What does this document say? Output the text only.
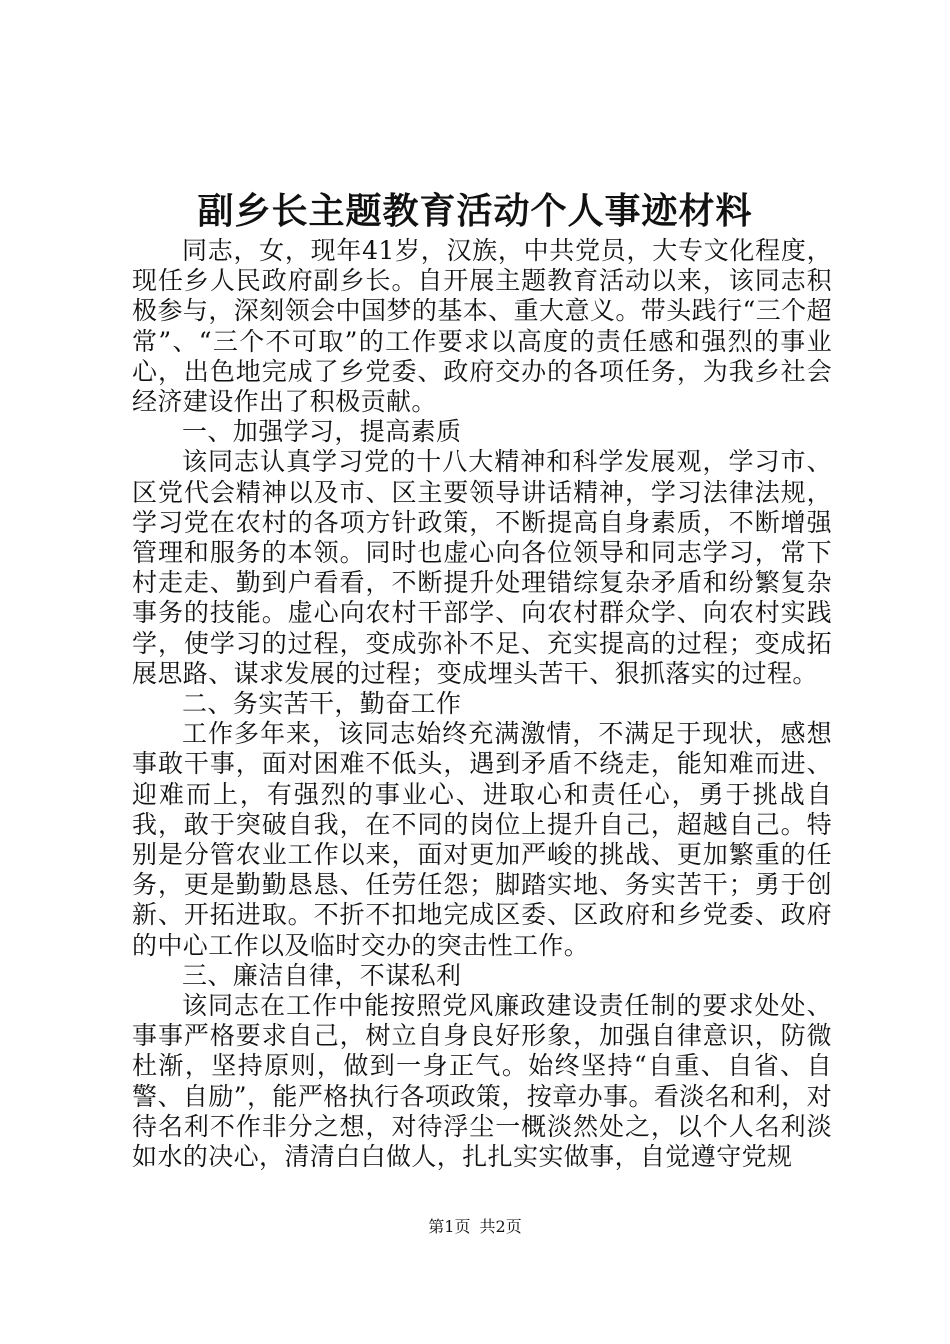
副乡长主题教育活动个人事迹材料

同志，女，现年41岁，汉族，中共党员，大专文化程度，现任乡人民政府副乡长。自开展主题教育活动以来，该同志积极参与，深刻领会中国梦的基本、重大意义。带头践行“三个超常”、“三个不可取”的工作要求以高度的责任感和强烈的事业心，出色地完成了乡党委、政府交办的各项任务，为我乡社会经济建设作出了积极贡献。

一、加强学习，提高素质

该同志认真学习党的十八大精神和科学发展观，学习市、区党代会精神以及市、区主要领导讲话精神，学习法律法规，学习党在农村的各项方针政策，不断提高自身素质，不断增强管理和服务的本领。同时也虚心向各位领导和同志学习，常下村走走、勤到户看看，不断提升处理错综复杂矛盾和纷繁复杂事务的技能。虚心向农村干部学、向农村群众学、向农村实践学，使学习的过程，变成弥补不足、充实提高的过程；变成拓展思路、谋求发展的过程；变成埋头苦干、狠抓落实的过程。

二、务实苦干，勤奋工作

工作多年来，该同志始终充满激情，不满足于现状，感想事敢干事，面对困难不低头，遇到矛盾不绕走，能知难而进、迎难而上，有强烈的事业心、进取心和责任心，勇于挑战自我，敢于突破自我，在不同的岗位上提升自己，超越自己。特别是分管农业工作以来，面对更加严峻的挑战、更加繁重的任务，更是勤勤恳恳、任劳任怨；脚踏实地、务实苦干；勇于创新、开拓进取。不折不扣地完成区委、区政府和乡党委、政府的中心工作以及临时交办的突击性工作。

三、廉洁自律，不谋私利

该同志在工作中能按照党风廉政建设责任制的要求处处、事事严格要求自己，树立自身良好形象，加强自律意识，防微杜渐，坚持原则，做到一身正气。始终坚持“自重、自省、自警、自励”，能严格执行各项政策，按章办事。看淡名和利，对待名利不作非分之想，对待浮尘一概淡然处之，以个人名利淡如水的决心，清清白白做人，扎扎实实做事，自觉遵守党规

第1页 共2页
